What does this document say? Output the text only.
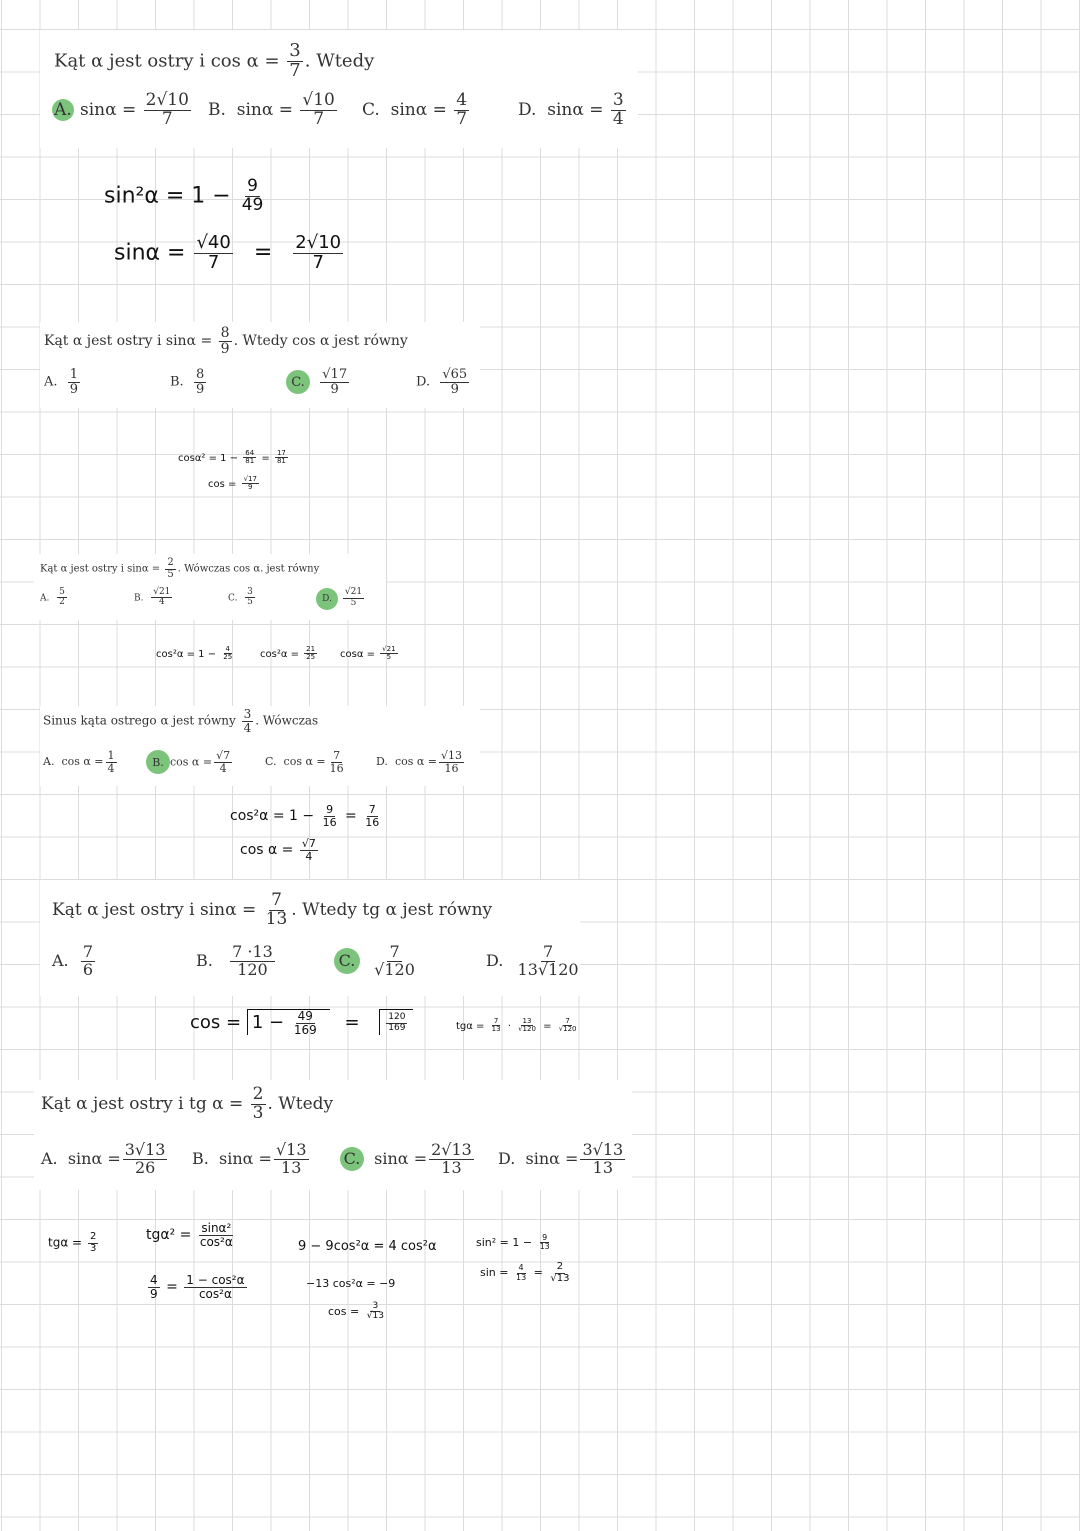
Kąt α jest ostry i $\cos \alpha = \frac{3}{7}$ . Wtedy
A. $\sin\alpha = \frac{2√10}{7} B$. $\sin\alpha = \frac{√10}{7} C$. $\sin\alpha = \frac{4}{7}$	D. $\sin\alpha = \frac{3}{4}$
$\sin^2\alpha = 1 - \frac{9}{49}$
$\sin\alpha = \frac{√40}{7} = \frac{2√10}{7}$
Kąt α jest ostry i $\sin\alpha = \frac{8}{9}$ . Wtedy cos α jest równy
A. $\frac{1}{9}$	B. $\frac{8}{9}$	C.
$\frac{√17}{9}$	D. $\frac{√65}{9}$
$\cos\alpha^2 = 1 - \frac{64}{81} = \frac{17}{81}$
$\cos = \frac{√17}{9}$
Kąt α jest ostry i $\sin\alpha = \frac{2}{5}$ . Wówczas cos α. jest równy
A. $\frac{5}{2}$	B. $\frac{√21}{4}$	C. $\frac{3}{5}$	D.
$\frac{√21}{5}$
$\cos^2\alpha = 1 - \frac{4}{25}$	$\cos^2\alpha = \frac{21}{25}$ $\cos\alpha = \frac{√21}{5}$
Sinus kąta ostrego α jest równy $\frac{3}{4}$ . Wówczas
A. $\cos \alpha = \frac{1}{4}$	B. $\cos \alpha = \frac{√7}{4}$	C. $\cos \alpha = \frac{7}{16}$	D. $\cos \alpha = \frac{√13}{16}$
$\cos^2\alpha = 1 - \frac{9}{16} = \frac{7}{16}$
$\cos \alpha = \frac{√7}{4}$
Kąt α jest ostry i $\sin\alpha = \frac{7}{13}$ . Wtedy tg α jest równy
A. $\frac{7}{6}$	B. $\frac{7 \cdot 13}{120}$	C.
$\frac{7}{√120}$	D. $\frac{7}{13√120}$
$\cos = 1 - \frac{49}{169}$ =	$\frac{120}{169}$	$tg\alpha = \frac{7}{13} \cdot \frac{13}{√120} = \frac{7}{√120}$
Kąt α jest ostry i tg $\alpha = \frac{2}{3}$ . Wtedy
A. $\sin\alpha = \frac{3√13}{26} B$. $\sin\alpha = \frac{√13}{13} C$. $\sin\alpha = \frac{2√13}{13} D$. $\sin\alpha = \frac{3√13}{13}$
$tg\alpha = \frac{2}{3}$	$tg\alpha^2 = \frac{\text{sinα²}}{\text{cos²α}}$
$\frac{4}{9} = \frac{\text{1 − cos²α}}{\text{cos²α}}$
9 − 9cos²α = 4 cos²α
−13 cos²α = −9
$\cos = \frac{3}{√13}$
$\sin^2 = 1 - \frac{9}{13}$
$\sin = \frac{4}{13} = \frac{2}{√13}$
